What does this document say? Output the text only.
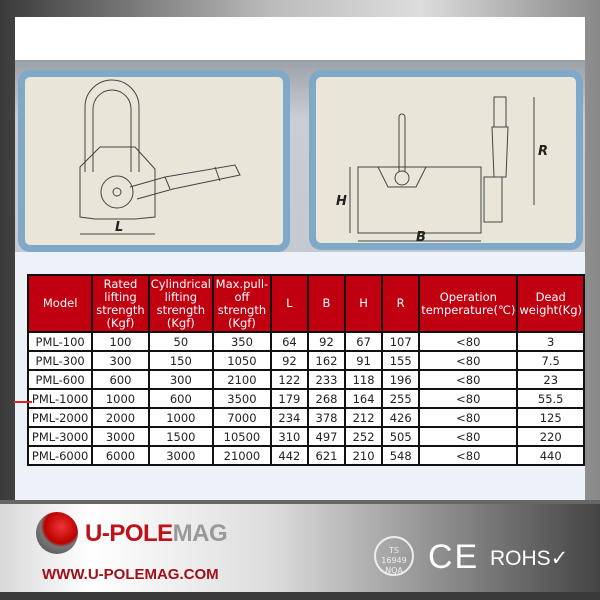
L
H
B
R
Model	Rated lifting strength (Kgf)	Cylindrical lifting strength (Kgf)	Max.pull-off strength (Kgf)	L	B	H	R	Operation temperature(℃)	Dead weight(Kg)
PML-100	100	50	350	64	92	67	107	<80	3
PML-300	300	150	1050	92	162	91	155	<80	7.5
PML-600	600	300	2100	122	233	118	196	<80	23
PML-1000	1000	600	3500	179	268	164	255	<80	55.5
PML-2000	2000	1000	7000	234	378	212	426	<80	125
PML-3000	3000	1500	10500	310	497	252	505	<80	220
PML-6000	6000	3000	21000	442	621	210	548	<80	440
U-POLEMAG
WWW.U-POLEMAG.COM
TS
16949
NQA CE ROHS✓
